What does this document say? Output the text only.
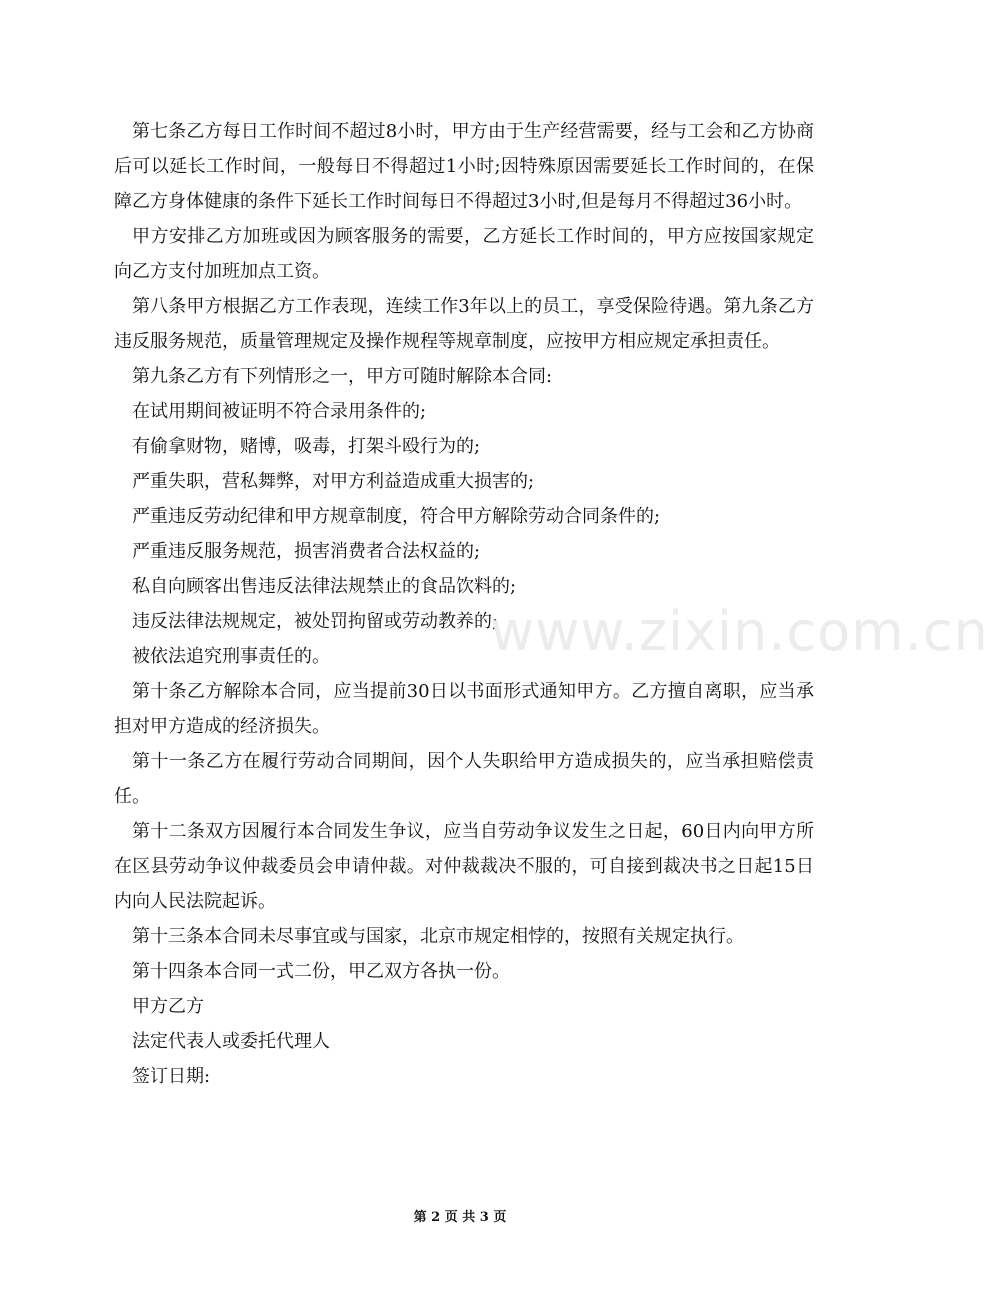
第七条乙方每日工作时间不超过8小时，甲方由于生产经营需要，经与工会和乙方协商后可以延长工作时间，一般每日不得超过1小时;因特殊原因需要延长工作时间的，在保障乙方身体健康的条件下延长工作时间每日不得超过3小时,但是每月不得超过36小时。

甲方安排乙方加班或因为顾客服务的需要，乙方延长工作时间的，甲方应按国家规定向乙方支付加班加点工资。

第八条甲方根据乙方工作表现，连续工作3年以上的员工，享受保险待遇。第九条乙方违反服务规范，质量管理规定及操作规程等规章制度，应按甲方相应规定承担责任。

第九条乙方有下列情形之一，甲方可随时解除本合同:

在试用期间被证明不符合录用条件的;

有偷拿财物，赌博，吸毒，打架斗殴行为的;

严重失职，营私舞弊，对甲方利益造成重大损害的;

严重违反劳动纪律和甲方规章制度，符合甲方解除劳动合同条件的;

严重违反服务规范，损害消费者合法权益的;

私自向顾客出售违反法律法规禁止的食品饮料的;

违反法律法规规定，被处罚拘留或劳动教养的;

被依法追究刑事责任的。

第十条乙方解除本合同，应当提前30日以书面形式通知甲方。乙方擅自离职，应当承担对甲方造成的经济损失。

第十一条乙方在履行劳动合同期间，因个人失职给甲方造成损失的，应当承担赔偿责任。

第十二条双方因履行本合同发生争议，应当自劳动争议发生之日起，60日内向甲方所在区县劳动争议仲裁委员会申请仲裁。对仲裁裁决不服的，可自接到裁决书之日起15日内向人民法院起诉。

第十三条本合同未尽事宜或与国家，北京市规定相悖的，按照有关规定执行。

第十四条本合同一式二份，甲乙双方各执一份。

甲方乙方

法定代表人或委托代理人

签订日期:

www.zixin.com.cn
第 2 页 共 3 页
